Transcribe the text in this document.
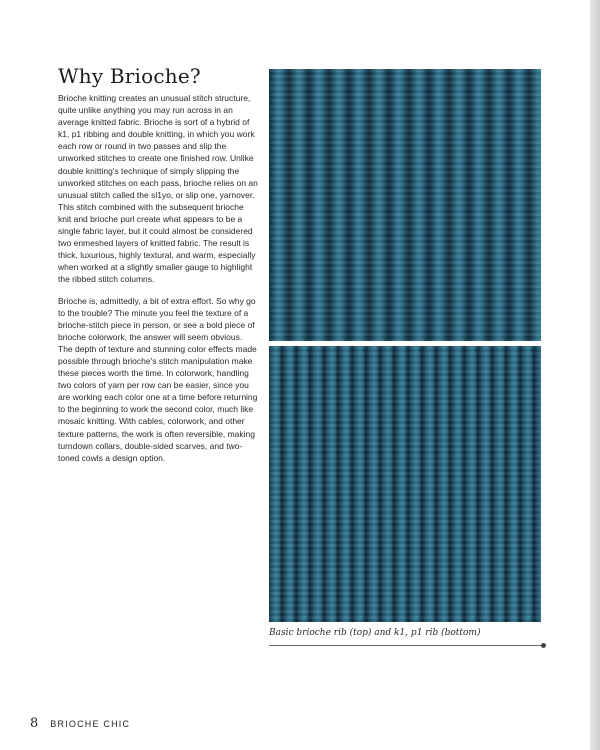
Why Brioche?

Brioche knitting creates an unusual stitch structure, quite unlike anything you may run across in an average knitted fabric. Brioche is sort of a hybrid of k1, p1 ribbing and double knitting, in which you work each row or round in two passes and slip the unworked stitches to create one finished row. Unlike double knitting's technique of simply slipping the unworked stitches on each pass, brioche relies on an unusual stitch called the sl1yo, or slip one, yarnover. This stitch combined with the subsequent brioche knit and brioche purl create what appears to be a single fabric layer, but it could almost be considered two enmeshed layers of knitted fabric. The result is thick, luxurious, highly textural, and warm, especially when worked at a slightly smaller gauge to highlight the ribbed stitch columns.

Brioche is, admittedly, a bit of extra effort. So why go to the trouble? The minute you feel the texture of a brioche-stitch piece in person, or see a bold piece of brioche colorwork, the answer will seem obvious. The depth of texture and stunning color effects made possible through brioche's stitch manipulation make these pieces worth the time. In colorwork, handling two colors of yarn per row can be easier, since you are working each color one at a time before returning to the beginning to work the second color, much like mosaic knitting. With cables, colorwork, and other texture patterns, the work is often reversible, making turndown collars, double-sided scarves, and two-toned cowls a design option.

Basic brioche rib (top) and k1, p1 rib (bottom)

8 BRIOCHE CHIC
